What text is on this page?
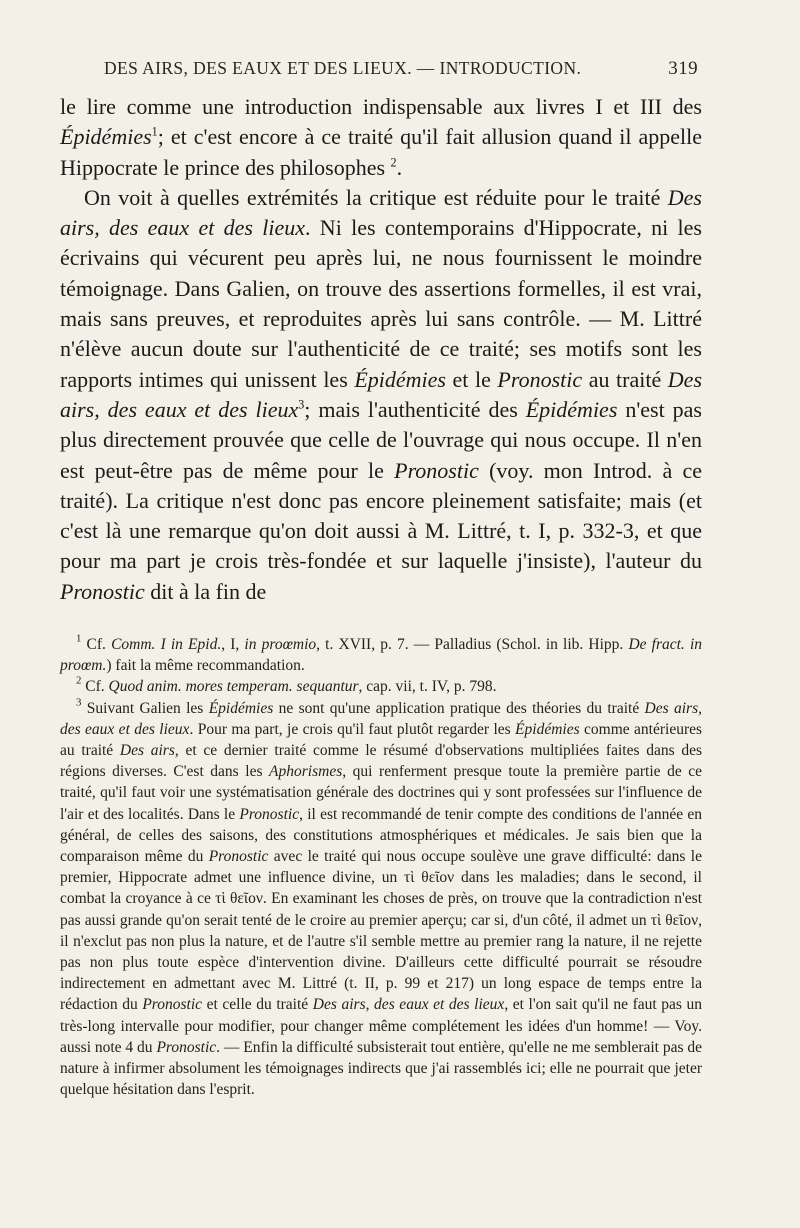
DES AIRS, DES EAUX ET DES LIEUX. — INTRODUCTION.	319

le lire comme une introduction indispensable aux livres I et III des Épidémies$^1$; et c'est encore à ce traité qu'il fait allusion quand il appelle Hippocrate le prince des philosophes $^2$.

On voit à quelles extrémités la critique est réduite pour le traité Des airs, des eaux et des lieux. Ni les contemporains d'Hippocrate, ni les écrivains qui vécurent peu après lui, ne nous fournissent le moindre témoignage. Dans Galien, on trouve des assertions formelles, il est vrai, mais sans preuves, et reproduites après lui sans contrôle. — M. Littré n'élève aucun doute sur l'authenticité de ce traité; ses motifs sont les rapports intimes qui unissent les Épidémies et le Pronostic au traité Des airs, des eaux et des lieux$^3$; mais l'authenticité des Épidémies n'est pas plus directement prouvée que celle de l'ouvrage qui nous occupe. Il n'en est peut-être pas de même pour le Pronostic (voy. mon Introd. à ce traité). La critique n'est donc pas encore pleinement satisfaite; mais (et c'est là une remarque qu'on doit aussi à M. Littré, t. I, p. 332-3, et que pour ma part je crois très-fondée et sur laquelle j'insiste), l'auteur du Pronostic dit à la fin de

$^1$ Cf. Comm. I in Epid., I, in proœmio, t. XVII, p. 7. — Palladius (Schol. in lib. Hipp. De fract. in proœm.) fait la même recommandation.

$^2$ Cf. Quod anim. mores temperam. sequantur, cap. vii, t. IV, p. 798.

$^3$ Suivant Galien les Épidémies ne sont qu'une application pratique des théories du traité Des airs, des eaux et des lieux. Pour ma part, je crois qu'il faut plutôt regarder les Épidémies comme antérieures au traité Des airs, et ce dernier traité comme le résumé d'observations multipliées faites dans des régions diverses. C'est dans les Aphorismes, qui renferment presque toute la première partie de ce traité, qu'il faut voir une systématisation générale des doctrines qui y sont professées sur l'influence de l'air et des localités. Dans le Pronostic, il est recommandé de tenir compte des conditions de l'année en général, de celles des saisons, des constitutions atmosphériques et médicales. Je sais bien que la comparaison même du Pronostic avec le traité qui nous occupe soulève une grave difficulté: dans le premier, Hippocrate admet une influence divine, un τὶ θεῖον dans les maladies; dans le second, il combat la croyance à ce τὶ θεῖον. En examinant les choses de près, on trouve que la contradiction n'est pas aussi grande qu'on serait tenté de le croire au premier aperçu; car si, d'un côté, il admet un τὶ θεῖον, il n'exclut pas non plus la nature, et de l'autre s'il semble mettre au premier rang la nature, il ne rejette pas non plus toute espèce d'intervention divine. D'ailleurs cette difficulté pourrait se résoudre indirectement en admettant avec M. Littré (t. II, p. 99 et 217) un long espace de temps entre la rédaction du Pronostic et celle du traité Des airs, des eaux et des lieux, et l'on sait qu'il ne faut pas un très-long intervalle pour modifier, pour changer même complétement les idées d'un homme! — Voy. aussi note 4 du Pronostic. — Enfin la difficulté subsisterait tout entière, qu'elle ne me semblerait pas de nature à infirmer absolument les témoignages indirects que j'ai rassemblés ici; elle ne pourrait que jeter quelque hésitation dans l'esprit.
